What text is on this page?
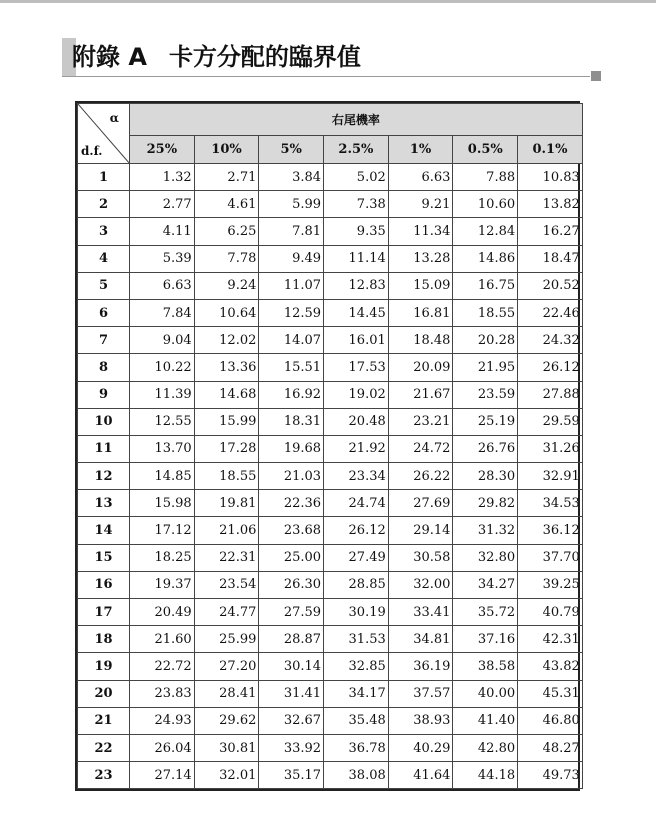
附錄 A 卡方分配的臨界值
α
d.f.	右尾機率						
	25%	10%	5%	2.5%	1%	0.5%	0.1%
1	1.32	2.71	3.84	5.02	6.63	7.88	10.83
2	2.77	4.61	5.99	7.38	9.21	10.60	13.82
3	4.11	6.25	7.81	9.35	11.34	12.84	16.27
4	5.39	7.78	9.49	11.14	13.28	14.86	18.47
5	6.63	9.24	11.07	12.83	15.09	16.75	20.52
6	7.84	10.64	12.59	14.45	16.81	18.55	22.46
7	9.04	12.02	14.07	16.01	18.48	20.28	24.32
8	10.22	13.36	15.51	17.53	20.09	21.95	26.12
9	11.39	14.68	16.92	19.02	21.67	23.59	27.88
10	12.55	15.99	18.31	20.48	23.21	25.19	29.59
11	13.70	17.28	19.68	21.92	24.72	26.76	31.26
12	14.85	18.55	21.03	23.34	26.22	28.30	32.91
13	15.98	19.81	22.36	24.74	27.69	29.82	34.53
14	17.12	21.06	23.68	26.12	29.14	31.32	36.12
15	18.25	22.31	25.00	27.49	30.58	32.80	37.70
16	19.37	23.54	26.30	28.85	32.00	34.27	39.25
17	20.49	24.77	27.59	30.19	33.41	35.72	40.79
18	21.60	25.99	28.87	31.53	34.81	37.16	42.31
19	22.72	27.20	30.14	32.85	36.19	38.58	43.82
20	23.83	28.41	31.41	34.17	37.57	40.00	45.31
21	24.93	29.62	32.67	35.48	38.93	41.40	46.80
22	26.04	30.81	33.92	36.78	40.29	42.80	48.27
23	27.14	32.01	35.17	38.08	41.64	44.18	49.73
